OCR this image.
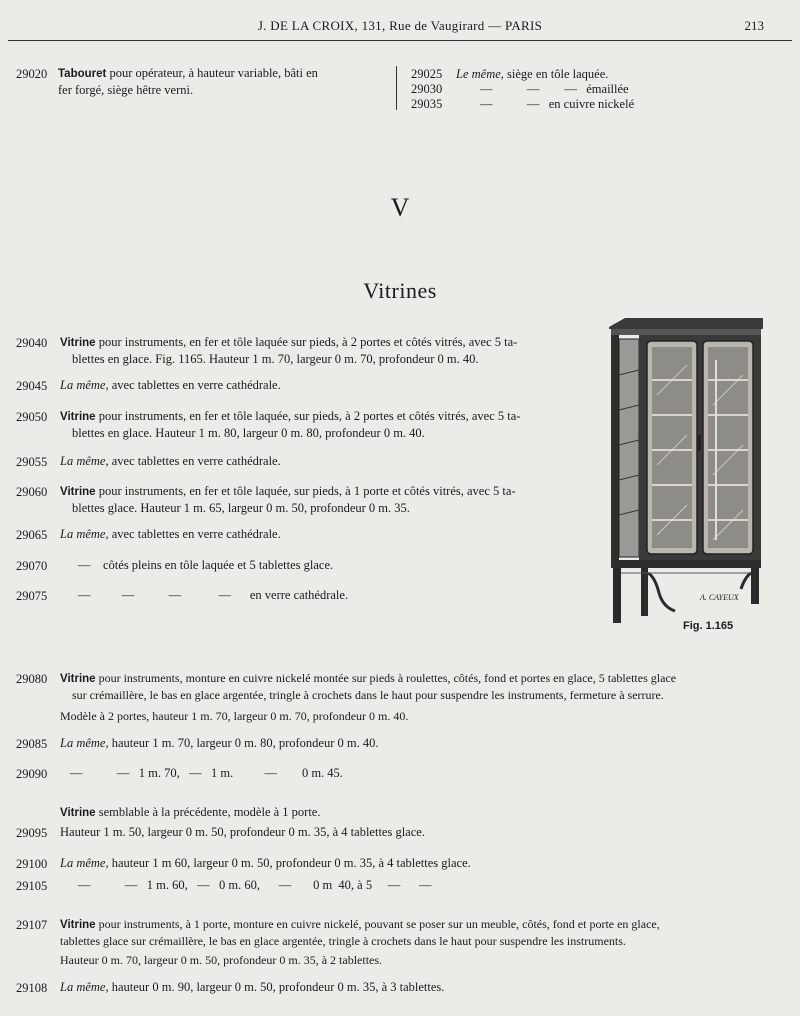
J. DE LA CROIX, 131, Rue de Vaugirard — PARIS	213
29020 Tabouret pour opérateur, à hauteur variable, bâti en
fer forgé, siège hêtre verni.
29025 Le même, siège en tôle laquée.
29030	—           —        —   émaillée
29035	—           —   en cuivre nickelé
V
Vitrines
29040 Vitrine pour instruments, en fer et tôle laquée sur pieds, à 2 portes et côtés vitrés, avec 5 ta-
blettes en glace. Fig. 1165. Hauteur 1 m. 70, largeur 0 m. 70, profondeur 0 m. 40.
29045 La même, avec tablettes en verre cathédrale.
29050 Vitrine pour instruments, en fer et tôle laquée, sur pieds, à 2 portes et côtés vitrés, avec 5 ta-
blettes en glace. Hauteur 1 m. 80, largeur 0 m. 80, profondeur 0 m. 40.
29055 La même, avec tablettes en verre cathédrale.
29060 Vitrine pour instruments, en fer et tôle laquée, sur pieds, à 1 porte et côtés vitrés, avec 5 ta-
blettes glace. Hauteur 1 m. 65, largeur 0 m. 50, profondeur 0 m. 35.
29065 La même, avec tablettes en verre cathédrale.
29070 —    côtés pleins en tôle laquée et 5 tablettes glace.
29075 —          —           —            —      en verre cathédrale.	A. CAYEUX
Fig. 1.165
29080 Vitrine pour instruments, monture en cuivre nickelé montée sur pieds à roulettes, côtés, fond et portes en glace, 5 tablettes glace
sur crémaillère, le bas en glace argentée, tringle à crochets dans le haut pour suspendre les instruments, fermeture à serrure.
Modèle à 2 portes, hauteur 1 m. 70, largeur 0 m. 70, profondeur 0 m. 40.
29085 La même, hauteur 1 m. 70, largeur 0 m. 80, profondeur 0 m. 40.
29090 —           —   1 m. 70,   —   1 m.          —        0 m. 45.
Vitrine semblable à la précédente, modèle à 1 porte.
29095 Hauteur 1 m. 50, largeur 0 m. 50, profondeur 0 m. 35, à 4 tablettes glace.
29100 La même, hauteur 1 m 60, largeur 0 m. 50, profondeur 0 m. 35, à 4 tablettes glace.
29105 —           —   1 m. 60,   —   0 m. 60,      —       0 m  40, à 5     —      —
29107 Vitrine pour instruments, à 1 porte, monture en cuivre nickelé, pouvant se poser sur un meuble, côtés, fond et porte en glace,
tablettes glace sur crémaillère, le bas en glace argentée, tringle à crochets dans le haut pour suspendre les instruments.
Hauteur 0 m. 70, largeur 0 m. 50, profondeur 0 m. 35, à 2 tablettes.
29108 La même, hauteur 0 m. 90, largeur 0 m. 50, profondeur 0 m. 35, à 3 tablettes.
